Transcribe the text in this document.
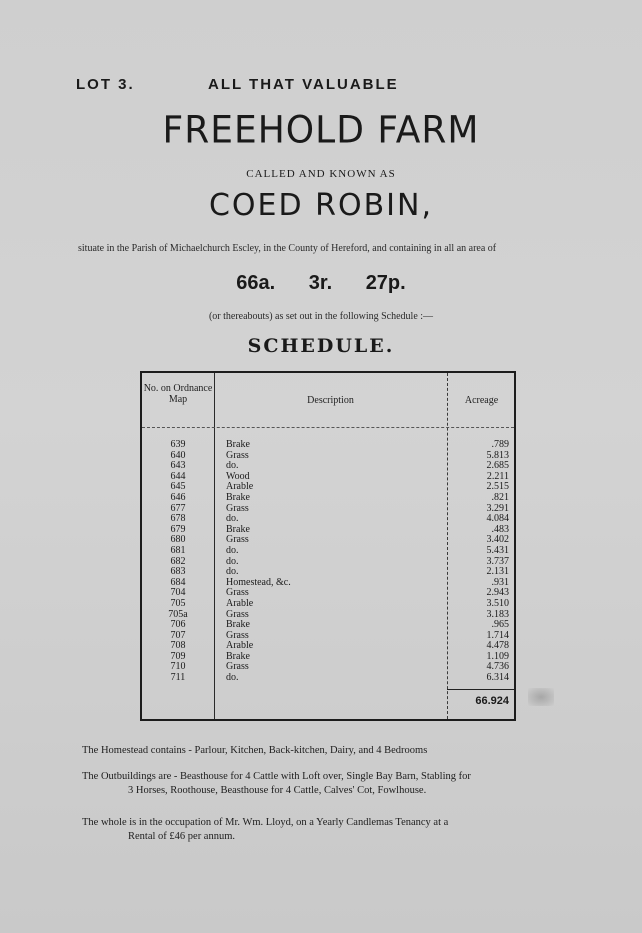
LOT 3.	ALL THAT VALUABLE
FREEHOLD FARM
CALLED AND KNOWN AS
COED ROBIN,
situate in the Parish of Michaelchurch Escley, in the County of Hereford, and containing in all an area of
66a. 3r. 27p.
(or thereabouts) as set out in the following Schedule :—
SCHEDULE.
No. on Ordnance Map	Description	Acreage
639	Brake	.789
640	Grass	5.813
643	do.	2.685
644	Wood	2.211
645	Arable	2.515
646	Brake	.821
677	Grass	3.291
678	do.	4.084
679	Brake	.483
680	Grass	3.402
681	do.	5.431
682	do.	3.737
683	do.	2.131
684	Homestead, &c.	.931
704	Grass	2.943
705	Arable	3.510
705a	Grass	3.183
706	Brake	.965
707	Grass	1.714
708	Arable	4.478
709	Brake	1.109
710	Grass	4.736
711	do.	6.314
66.924
The Homestead contains - Parlour, Kitchen, Back-kitchen, Dairy, and 4 Bedrooms
The Outbuildings are - Beasthouse for 4 Cattle with Loft over, Single Bay Barn, Stabling for
3 Horses, Roothouse, Beasthouse for 4 Cattle, Calves' Cot, Fowlhouse.
The whole is in the occupation of Mr. Wm. Lloyd, on a Yearly Candlemas Tenancy at a
Rental of £46 per annum.
